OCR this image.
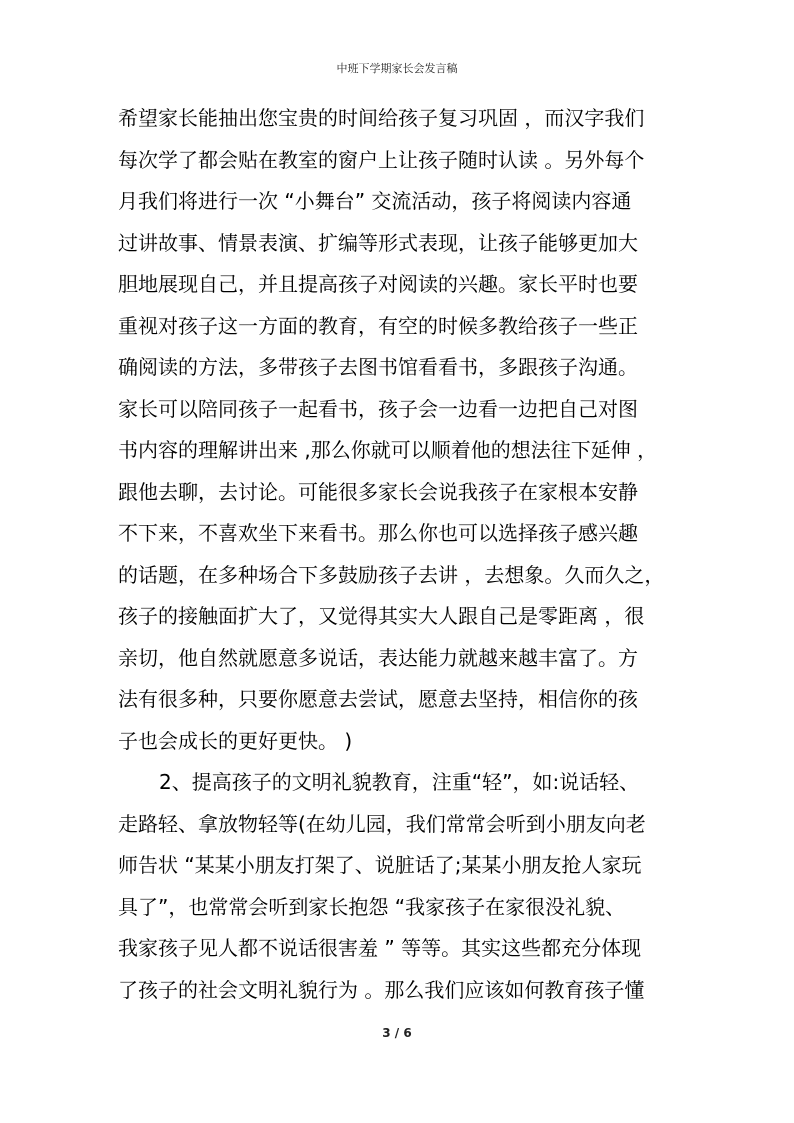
中班下学期家长会发言稿
希望家长能抽出您宝贵的时间给孩子复习巩固 ，而汉字我们
每次学了都会贴在教室的窗户上让孩子随时认读 。另外每个
月我们将进行一次 “小舞台” 交流活动，孩子将阅读内容通
过讲故事、情景表演、扩编等形式表现，让孩子能够更加大
胆地展现自己，并且提高孩子对阅读的兴趣。家长平时也要
重视对孩子这一方面的教育，有空的时候多教给孩子一些正
确阅读的方法，多带孩子去图书馆看看书，多跟孩子沟通。
家长可以陪同孩子一起看书，孩子会一边看一边把自己对图
书内容的理解讲出来 ,那么你就可以顺着他的想法往下延伸 ，
跟他去聊，去讨论。可能很多家长会说我孩子在家根本安静
不下来，不喜欢坐下来看书。那么你也可以选择孩子感兴趣
的话题，在多种场合下多鼓励孩子去讲 ，去想象。久而久之，
孩子的接触面扩大了，又觉得其实大人跟自己是零距离 ，很
亲切，他自然就愿意多说话，表达能力就越来越丰富了。方
法有很多种，只要你愿意去尝试，愿意去坚持，相信你的孩
子也会成长的更好更快。 )
2、提高孩子的文明礼貌教育，注重“轻”，如:说话轻、
走路轻、拿放物轻等(在幼儿园，我们常常会听到小朋友向老
师告状 “某某小朋友打架了、说脏话了;某某小朋友抢人家玩
具了”，也常常会听到家长抱怨 “我家孩子在家很没礼貌、
我家孩子见人都不说话很害羞 ” 等等。其实这些都充分体现
了孩子的社会文明礼貌行为 。那么我们应该如何教育孩子懂
3 / 6
